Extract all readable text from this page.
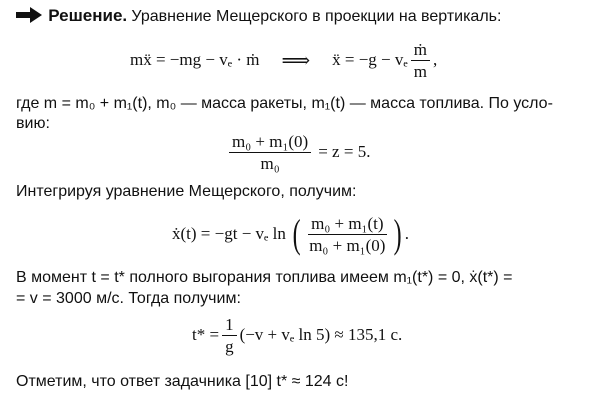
Решение. Уравнение Мещерского в проекции на вертикаль:
mẍ = −mg − vₑ · ṁ ⟹ ẍ = −g − vₑ $\frac{\text{ṁ}}{m}$ ,
где m = m₀ + m₁(t), m₀ — масса ракеты, m₁(t) — масса топлива. По усло-
вию:
$\frac{\text{m₀ + m₁(0)}}{\text{m₀}} = z = 5$.
Интегрируя уравнение Мещерского, получим:
ẋ(t) = −gt − vₑ ln ( $\frac{\text{m₀ + m₁(t)}}{\text{m₀ + m₁(0)}}$ ) .
В момент t = t* полного выгорания топлива имеем m₁(t*) = 0, ẋ(t*) =
= v = 3000 м/с. Тогда получим:
$t* = \frac{1}{g} (-v + v_e$ ln 5) ≈ 135,1 с.
Отметим, что ответ задачника [10] t* ≈ 124 с!
